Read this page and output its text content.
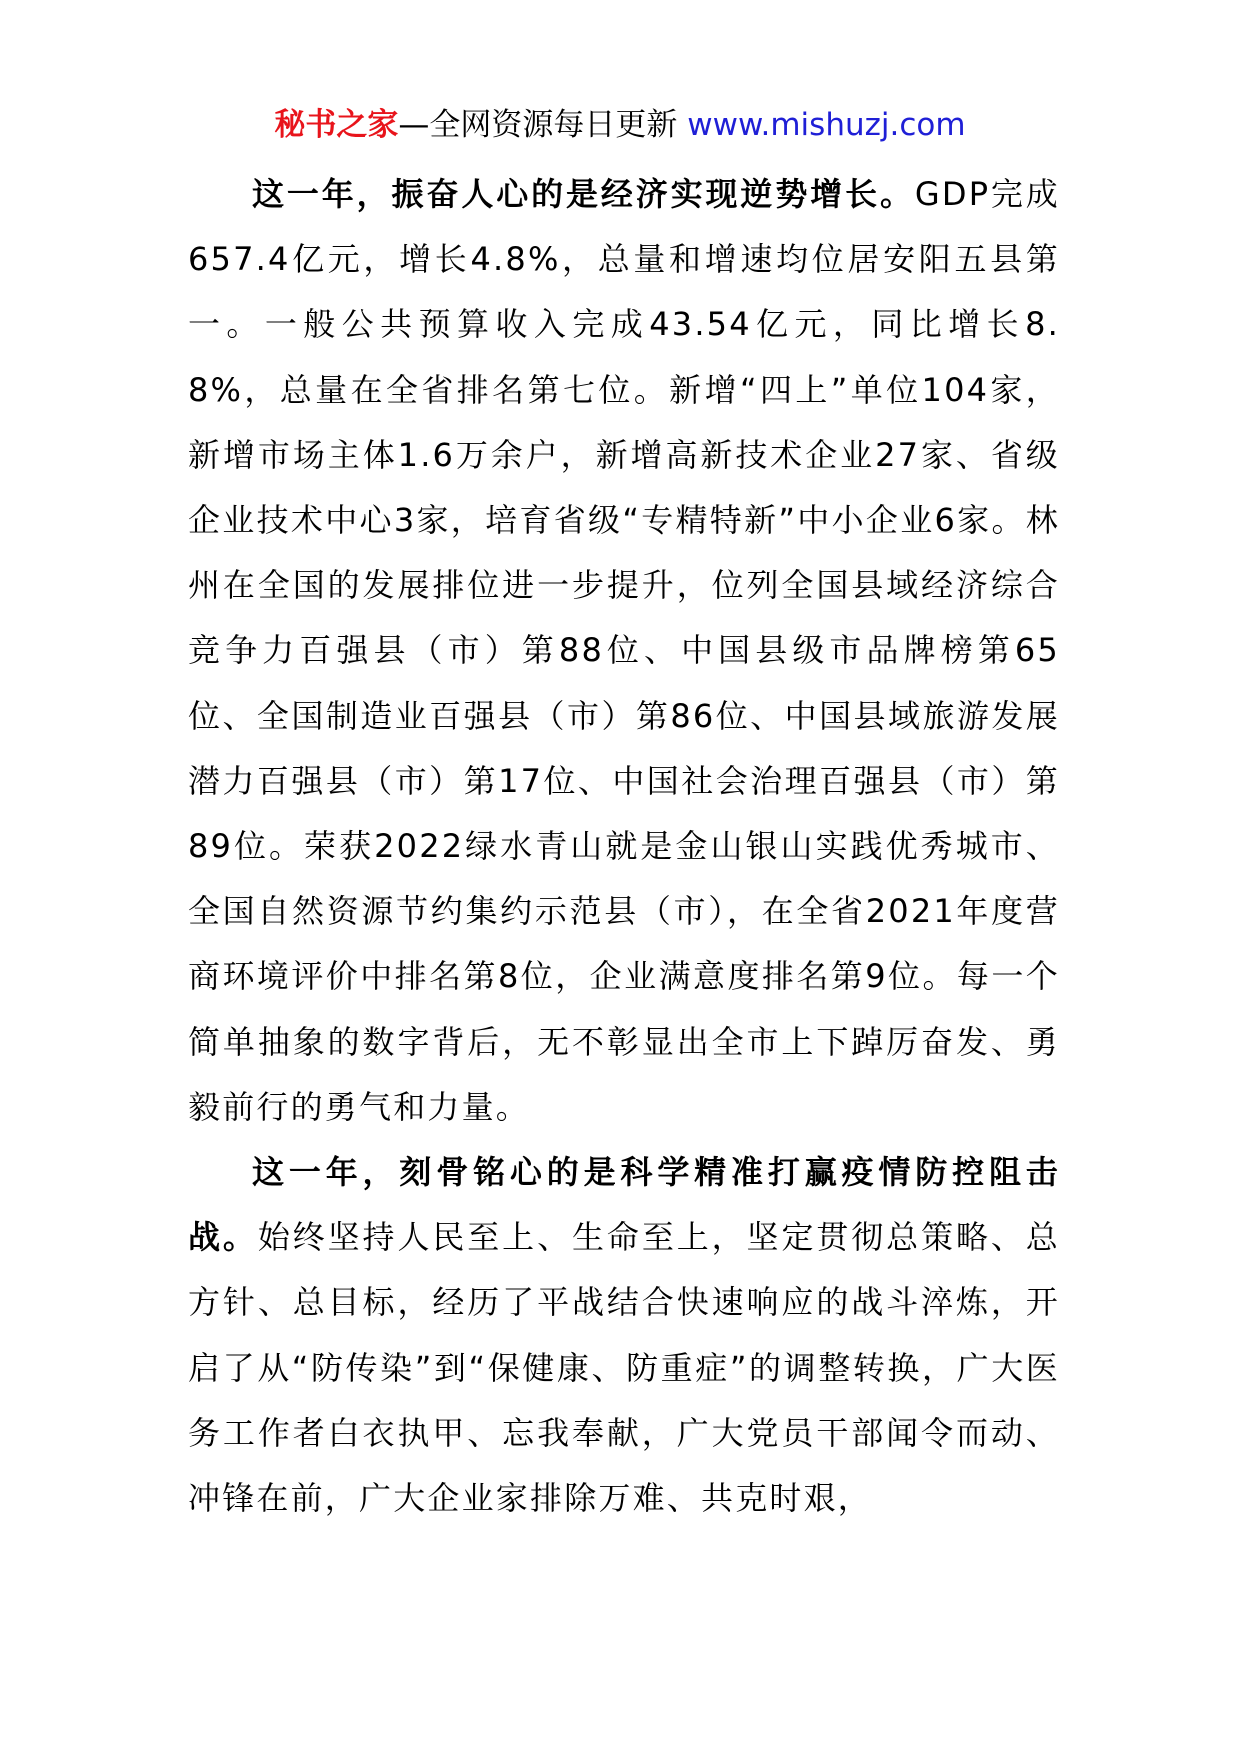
秘书之家—全网资源每日更新 www.mishuzj.com

这一年，振奋人心的是经济实现逆势增长。GDP完成657.4亿元，增长4.8%，总量和增速均位居安阳五县第一。一般公共预算收入完成43.54亿元，同比增长8.8%，总量在全省排名第七位。新增“四上”单位104家，新增市场主体1.6万余户，新增高新技术企业27家、省级企业技术中心3家，培育省级“专精特新”中小企业6家。林州在全国的发展排位进一步提升，位列全国县域经济综合竞争力百强县（市）第88位、中国县级市品牌榜第65位、全国制造业百强县（市）第86位、中国县域旅游发展潜力百强县（市）第17位、中国社会治理百强县（市）第89位。荣获2022绿水青山就是金山银山实践优秀城市、全国自然资源节约集约示范县（市），在全省2021年度营商环境评价中排名第8位，企业满意度排名第9位。每一个简单抽象的数字背后，无不彰显出全市上下踔厉奋发、勇毅前行的勇气和力量。

这一年，刻骨铭心的是科学精准打赢疫情防控阻击战。始终坚持人民至上、生命至上，坚定贯彻总策略、总方针、总目标，经历了平战结合快速响应的战斗淬炼，开启了从“防传染”到“保健康、防重症”的调整转换，广大医务工作者白衣执甲、忘我奉献，广大党员干部闻令而动、冲锋在前，广大企业家排除万难、共克时艰，
